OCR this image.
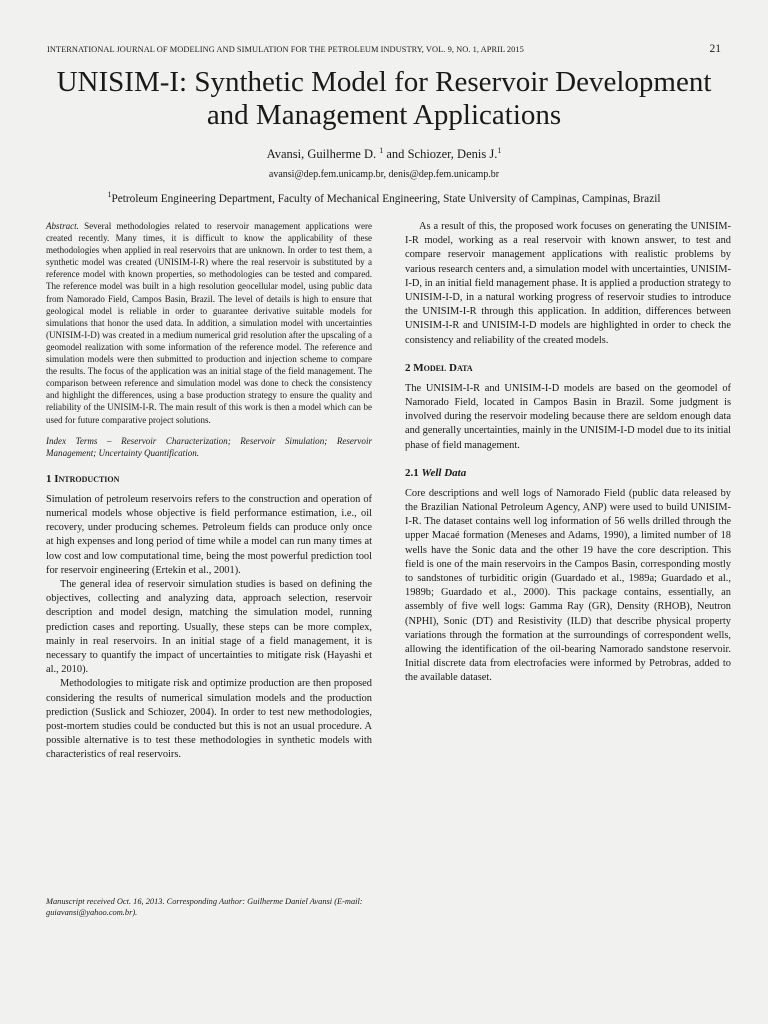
INTERNATIONAL JOURNAL OF MODELING AND SIMULATION FOR THE PETROLEUM INDUSTRY, VOL. 9, NO. 1, APRIL 2015	21
UNISIM-I: Synthetic Model for Reservoir Development and Management Applications
Avansi, Guilherme D. $^1$ and Schiozer, Denis J.$^1$
avansi@dep.fem.unicamp.br, denis@dep.fem.unicamp.br
$^1$Petroleum Engineering Department, Faculty of Mechanical Engineering, State University of Campinas, Campinas, Brazil

Abstract. Several methodologies related to reservoir management applications were created recently. Many times, it is difficult to know the applicability of these methodologies when applied in real reservoirs that are unknown. In order to test them, a synthetic model was created (UNISIM-I-R) where the real reservoir is substituted by a reference model with known properties, so methodologies can be tested and compared. The reference model was built in a high resolution geocellular model, using public data from Namorado Field, Campos Basin, Brazil. The level of details is high to ensure that geological model is reliable in order to guarantee derivative suitable models for simulations that honor the used data. In addition, a simulation model with uncertainties (UNISIM-I-D) was created in a medium numerical grid resolution after the upscaling of a geomodel realization with some information of the reference model. The reference and simulation models were then submitted to production and injection scheme to compare the results. The focus of the application was an initial stage of the field management. The comparison between reference and simulation model was done to check the consistency and highlight the differences, using a base production strategy to ensure the quality and reliability of the UNISIM-I-R. The main result of this work is then a model which can be used for future comparative project solutions.

Index Terms – Reservoir Characterization; Reservoir Simulation; Reservoir Management; Uncertainty Quantification.

1 Introduction

Simulation of petroleum reservoirs refers to the construction and operation of numerical models whose objective is field performance estimation, i.e., oil recovery, under producing schemes. Petroleum fields can produce only once at high expenses and long period of time while a model can run many times at low cost and low computational time, being the most powerful prediction tool for reservoir engineering (Ertekin et al., 2001).

The general idea of reservoir simulation studies is based on defining the objectives, collecting and analyzing data, approach selection, reservoir description and model design, matching the simulation model, running prediction cases and reporting. Usually, these steps can be more complex, mainly in real reservoirs. In an initial stage of a field management, it is necessary to quantify the impact of uncertainties to mitigate risk (Hayashi et al., 2010).

Methodologies to mitigate risk and optimize production are then proposed considering the results of numerical simulation models and the production prediction (Suslick and Schiozer, 2004). In order to test new methodologies, post-mortem studies could be conducted but this is not an usual procedure. A possible alternative is to test these methodologies in synthetic models with characteristics of real reservoirs.

As a result of this, the proposed work focuses on generating the UNISIM-I-R model, working as a real reservoir with known answer, to test and compare reservoir management applications with realistic problems by various research centers and, a simulation model with uncertainties, UNISIM-I-D, in an initial field management phase. It is applied a production strategy to UNISIM-I-D, in a natural working progress of reservoir studies to introduce the UNISIM-I-R through this application. In addition, differences between UNISIM-I-R and UNISIM-I-D models are highlighted in order to check the consistency and reliability of the created models.

2 Model Data

The UNISIM-I-R and UNISIM-I-D models are based on the geomodel of Namorado Field, located in Campos Basin in Brazil. Some judgment is involved during the reservoir modeling because there are seldom enough data and generally uncertainties, mainly in the UNISIM-I-D model due to its initial phase of field management.

2.1 Well Data

Core descriptions and well logs of Namorado Field (public data released by the Brazilian National Petroleum Agency, ANP) were used to build UNISIM-I-R. The dataset contains well log information of 56 wells drilled through the upper Macaé formation (Meneses and Adams, 1990), a limited number of 18 wells have the Sonic data and the other 19 have the core description. This field is one of the main reservoirs in the Campos Basin, corresponding mostly to sandstones of turbiditic origin (Guardado et al., 1989a; Guardado et al., 1989b; Guardado et al., 2000). This package contains, essentially, an assembly of five well logs: Gamma Ray (GR), Density (RHOB), Neutron (NPHI), Sonic (DT) and Resistivity (ILD) that describe physical property variations through the formation at the surroundings of correspondent wells, allowing the identification of the oil-bearing Namorado sandstone reservoir. Initial discrete data from electrofacies were informed by Petrobras, added to the available dataset.

Manuscript received Oct. 16, 2013. Corresponding Author: Guilherme Daniel Avansi (E-mail: guiavansi@yahoo.com.br).
